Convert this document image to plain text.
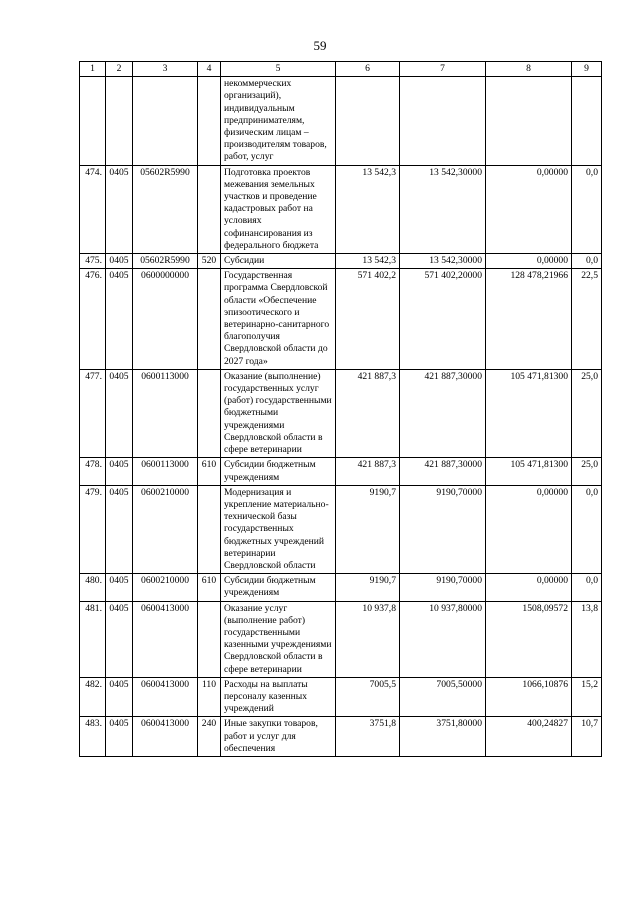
59
1	2	3	4	5	6	7	8	9
				некоммерческих организаций), индивидуальным предпринимателям, физическим лицам – производителям товаров, работ, услуг				
474.	0405	05602R5990		Подготовка проектов межевания земельных участков и проведение кадастровых работ на условиях софинансирования из федерального бюджета	13 542,3	13 542,30000	0,00000	0,0
475.	0405	05602R5990	520	Субсидии	13 542,3	13 542,30000	0,00000	0,0
476.	0405	0600000000		Государственная программа Свердловской области «Обеспечение эпизоотического и ветеринарно-санитарного благополучия Свердловской области до 2027 года»	571 402,2	571 402,20000	128 478,21966	22,5
477.	0405	0600113000		Оказание (выполнение) государственных услуг (работ) государственными бюджетными учреждениями Свердловской области в сфере ветеринарии	421 887,3	421 887,30000	105 471,81300	25,0
478.	0405	0600113000	610	Субсидии бюджетным учреждениям	421 887,3	421 887,30000	105 471,81300	25,0
479.	0405	0600210000		Модернизация и укрепление материально-технической базы государственных бюджетных учреждений ветеринарии Свердловской области	9190,7	9190,70000	0,00000	0,0
480.	0405	0600210000	610	Субсидии бюджетным учреждениям	9190,7	9190,70000	0,00000	0,0
481.	0405	0600413000		Оказание услуг (выполнение работ) государственными казенными учреждениями Свердловской области в сфере ветеринарии	10 937,8	10 937,80000	1508,09572	13,8
482.	0405	0600413000	110	Расходы на выплаты персоналу казенных учреждений	7005,5	7005,50000	1066,10876	15,2
483.	0405	0600413000	240	Иные закупки товаров, работ и услуг для обеспечения	3751,8	3751,80000	400,24827	10,7
